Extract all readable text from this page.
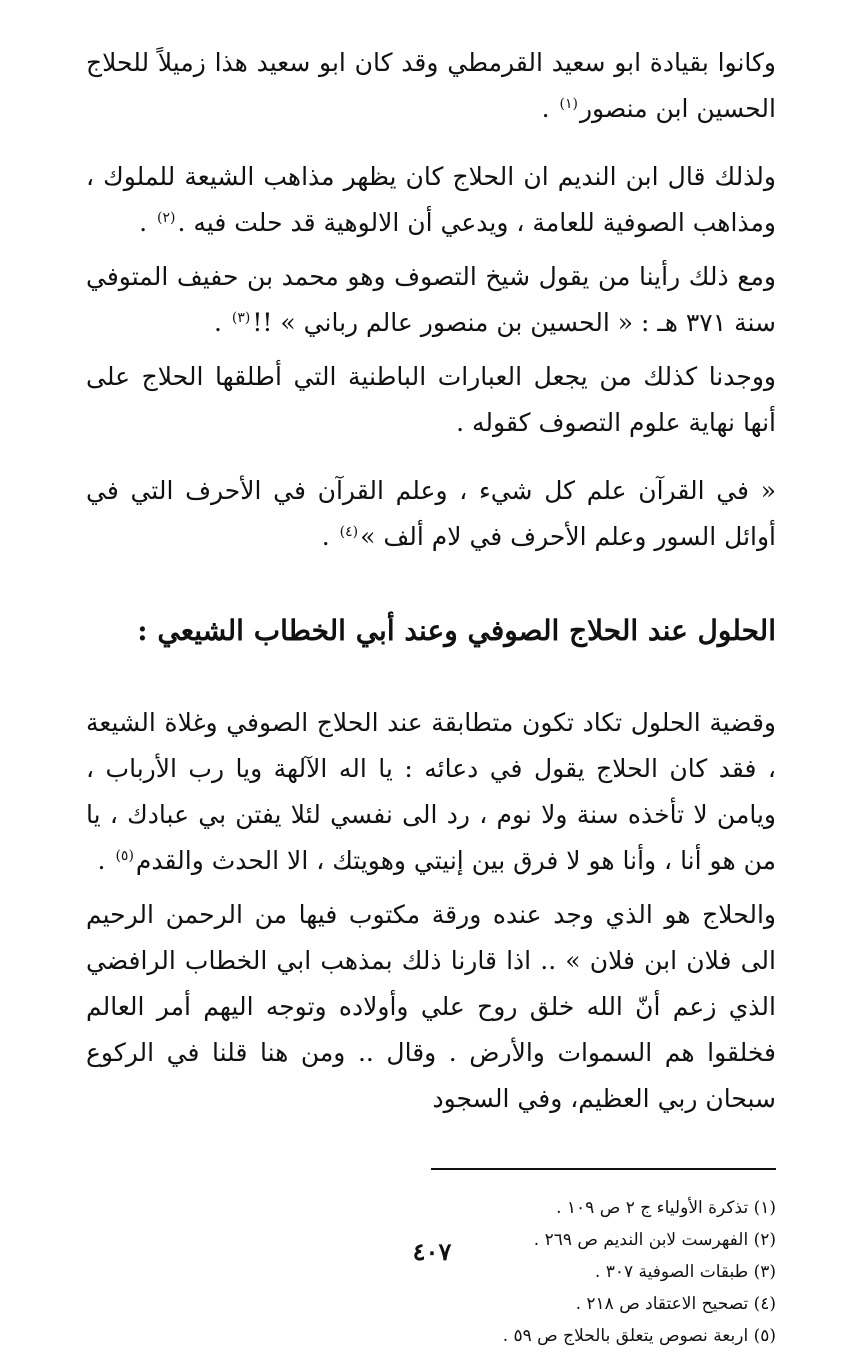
وكانوا بقيادة ابو سعيد القرمطي وقد كان ابو سعيد هذا زميلاً للحلاج الحسين ابن منصور$^{(١)}$ .

ولذلك قال ابن النديم ان الحلاج كان يظهر مذاهب الشيعة للملوك ، ومذاهب الصوفية للعامة ، ويدعي أن الالوهية قد حلت فيه .$^{(٢)}$ .

ومع ذلك رأينا من يقول شيخ التصوف وهو محمد بن حفيف المتوفي سنة ٣٧١ هـ : « الحسين بن منصور عالم رباني » !!$^{(٣)}$ .

ووجدنا كذلك من يجعل العبارات الباطنية التي أطلقها الحلاج على أنها نهاية علوم التصوف كقوله .

« في القرآن علم كل شيء ، وعلم القرآن في الأحرف التي في أوائل السور وعلم الأحرف في لام ألف »$^{(٤)}$ .

الحلول عند الحلاج الصوفي وعند أبي الخطاب الشيعي :

وقضية الحلول تكاد تكون متطابقة عند الحلاج الصوفي وغلاة الشيعة ، فقد كان الحلاج يقول في دعائه : يا اله الآلهة ويا رب الأرباب ، ويامن لا تأخذه سنة ولا نوم ، رد الى نفسي لئلا يفتن بي عبادك ، يا من هو أنا ، وأنا هو لا فرق بين إنيتي وهويتك ، الا الحدث والقدم$^{(٥)}$ .

والحلاج هو الذي وجد عنده ورقة مكتوب فيها من الرحمن الرحيم الى فلان ابن فلان » .. اذا قارنا ذلك بمذهب ابي الخطاب الرافضي الذي زعم أنّ الله خلق روح علي وأولاده وتوجه اليهم أمر العالم فخلقوا هم السموات والأرض . وقال .. ومن هنا قلنا في الركوع سبحان ربي العظيم، وفي السجود

(١) تذكرة الأولياء ج ٢ ص ١٠٩ .

(٢) الفهرست لابن النديم ص ٢٦٩ .

(٣) طبقات الصوفية ٣٠٧ .

(٤) تصحيح الاعتقاد ص ٢١٨ .

(٥) اربعة نصوص يتعلق بالحلاج ص ٥٩ .

٤٠٧
